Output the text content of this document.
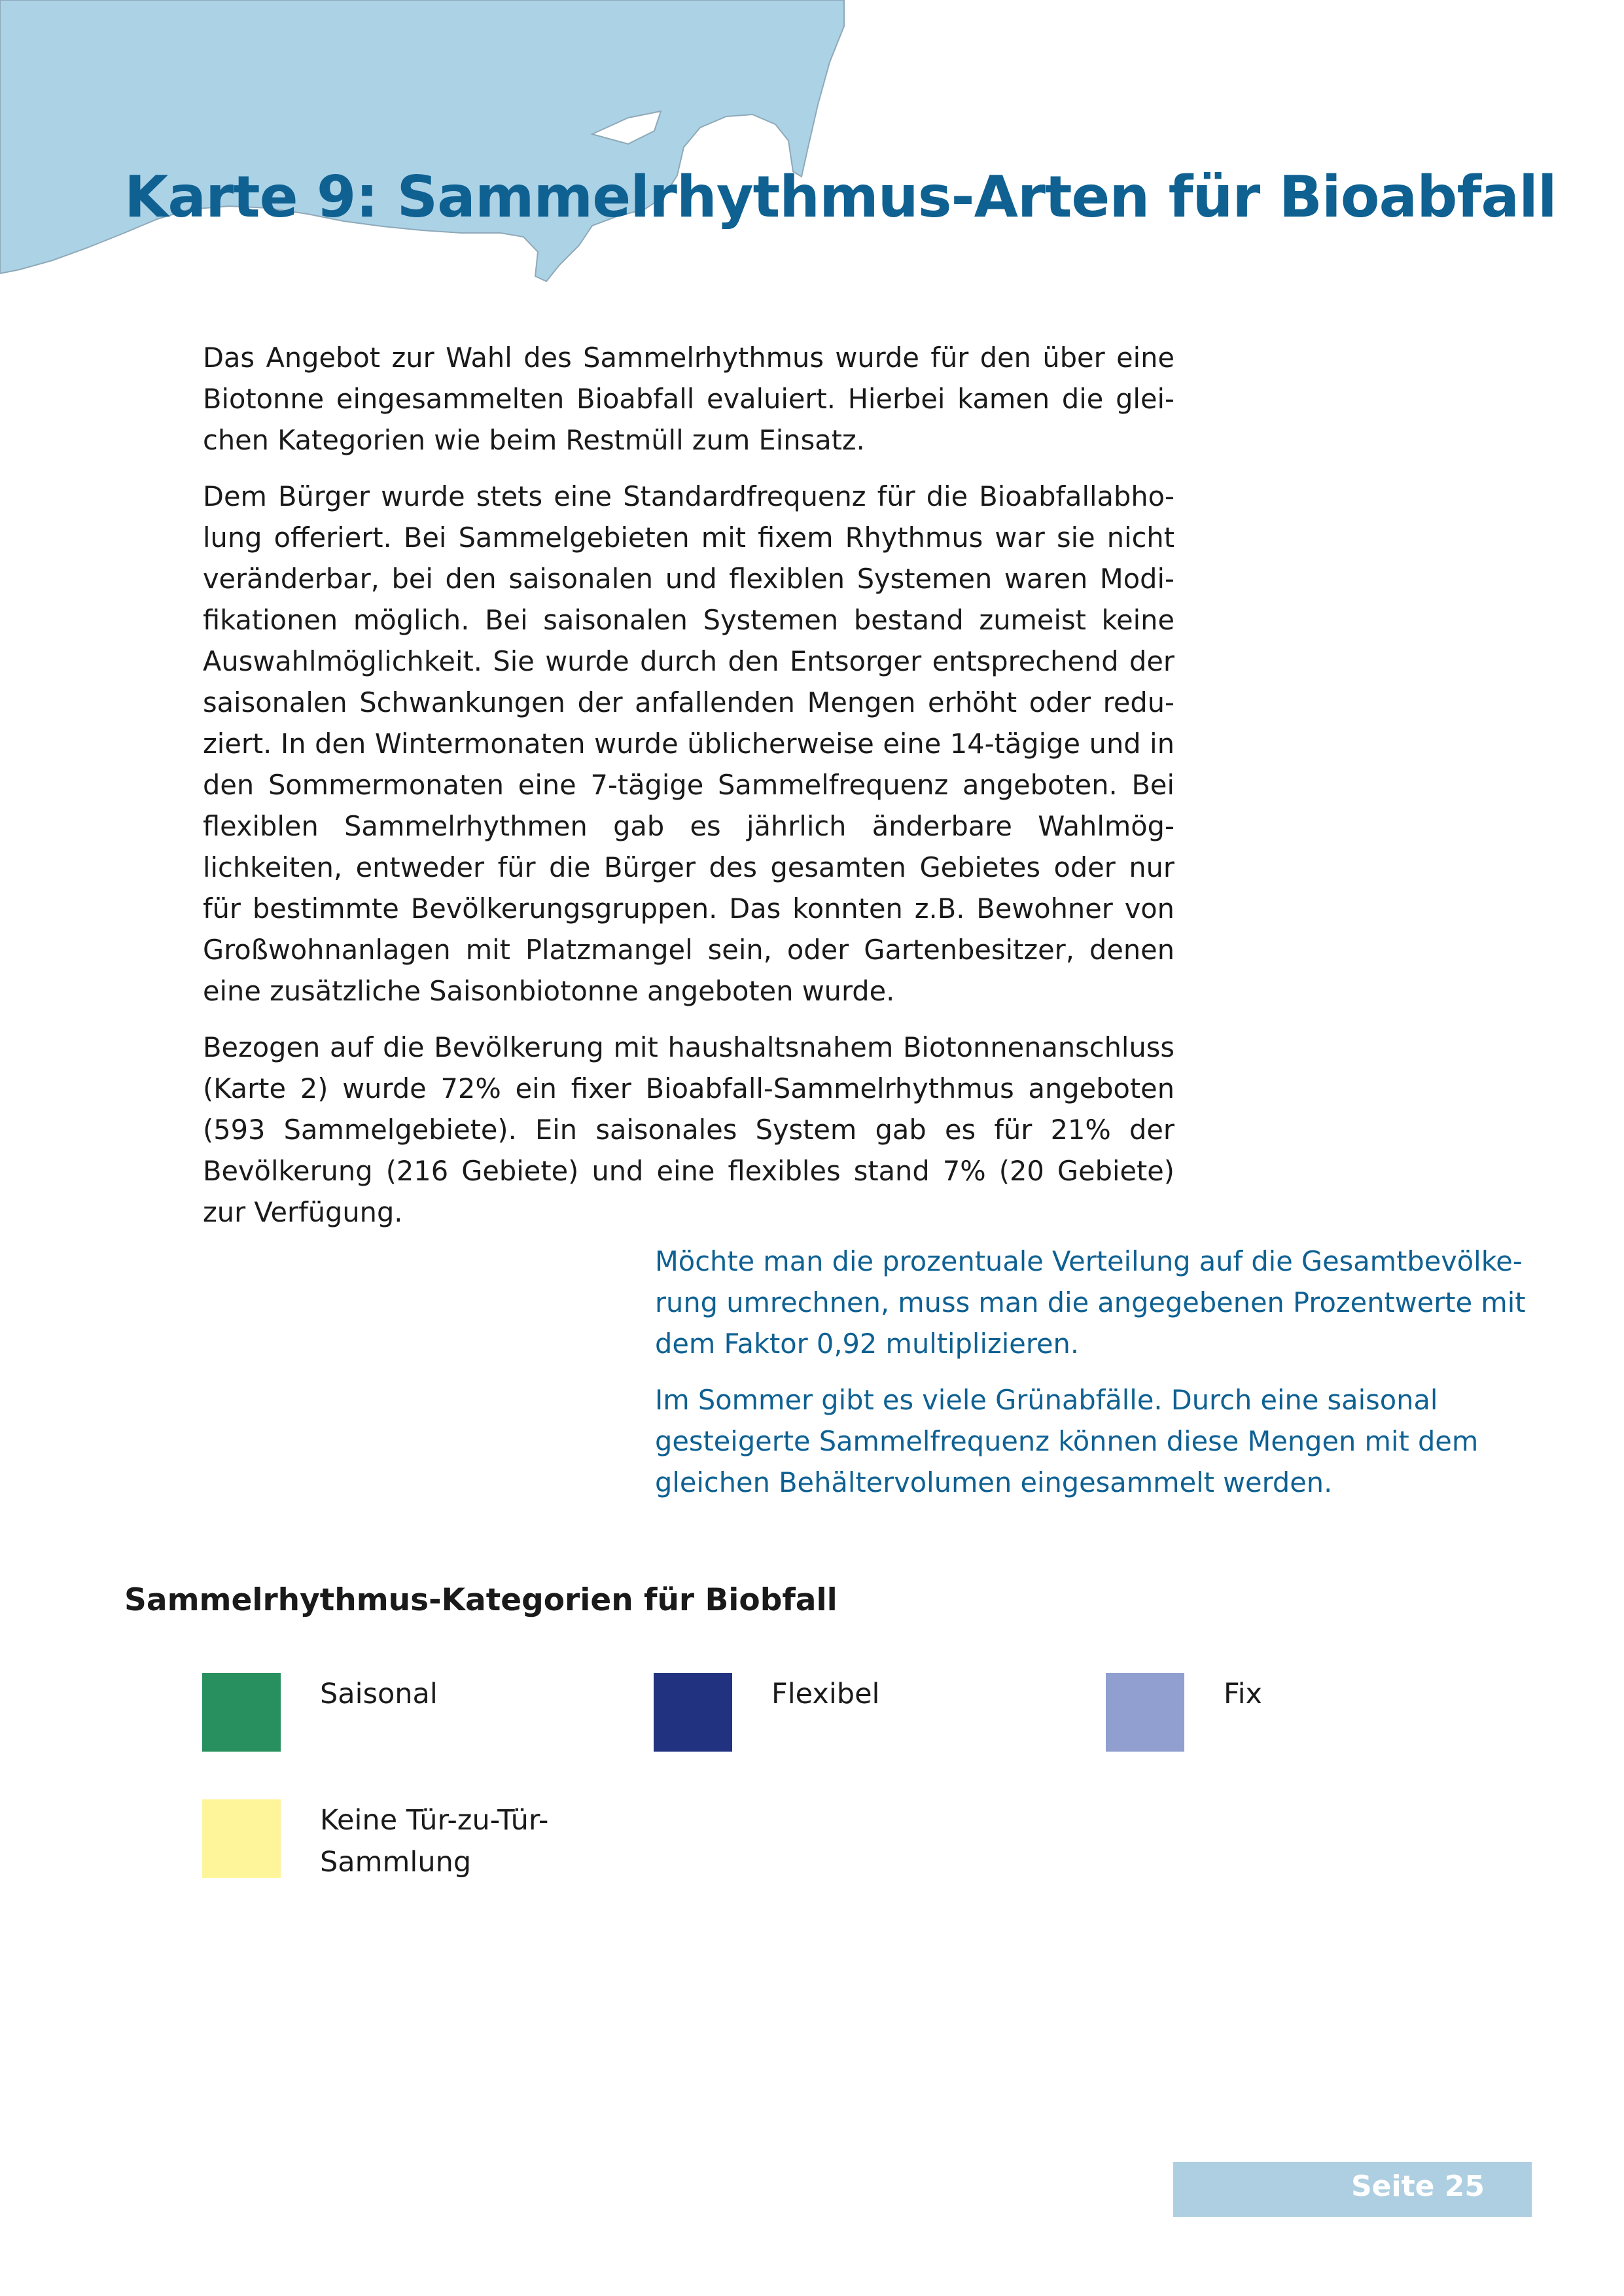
Karte 9: Sammelrhythmus-Arten für Bioabfall

Das Angebot zur Wahl des Sammelrhythmus wurde für den über eine Biotonne eingesammelten Bioabfall evaluiert. Hierbei kamen die gleichen Kategorien wie beim Restmüll zum Einsatz.

Dem Bürger wurde stets eine Standardfrequenz für die Bioabfallabholung offeriert. Bei Sammelgebieten mit fixem Rhythmus war sie nicht veränderbar, bei den saisonalen und flexiblen Systemen waren Modifikationen möglich. Bei saisonalen Systemen bestand zumeist keine Auswahlmöglichkeit. Sie wurde durch den Entsorger entsprechend der saisonalen Schwankungen der anfallenden Mengen erhöht oder reduziert. In den Wintermonaten wurde üblicherweise eine 14-tägige und in den Sommermonaten eine 7-tägige Sammelfrequenz angeboten. Bei flexiblen Sammelrhythmen gab es jährlich änderbare Wahlmöglichkeiten, entweder für die Bürger des gesamten Gebietes oder nur für bestimmte Bevölkerungsgruppen. Das konnten z.B. Bewohner von Großwohnanlagen mit Platzmangel sein, oder Gartenbesitzer, denen eine zusätzliche Saisonbiotonne angeboten wurde.

Bezogen auf die Bevölkerung mit haushaltsnahem Biotonnenanschluss (Karte 2) wurde 72% ein fixer Bioabfall-Sammelrhythmus angeboten (593 Sammelgebiete). Ein saisonales System gab es für 21% der Bevölkerung (216 Gebiete) und eine flexibles stand 7% (20 Gebiete) zur Verfügung.

Möchte man die prozentuale Verteilung auf die Gesamtbevölkerung umrechnen, muss man die angegebenen Prozentwerte mit dem Faktor 0,92 multiplizieren.

Im Sommer gibt es viele Grünabfälle. Durch eine saisonal gesteigerte Sammelfrequenz können diese Mengen mit dem gleichen Behältervolumen eingesammelt werden.

Sammelrhythmus-Kategorien für Biobfall
Saisonal	Flexibel	Fix
Keine Tür-zu-Tür-
Sammlung
Seite 25
